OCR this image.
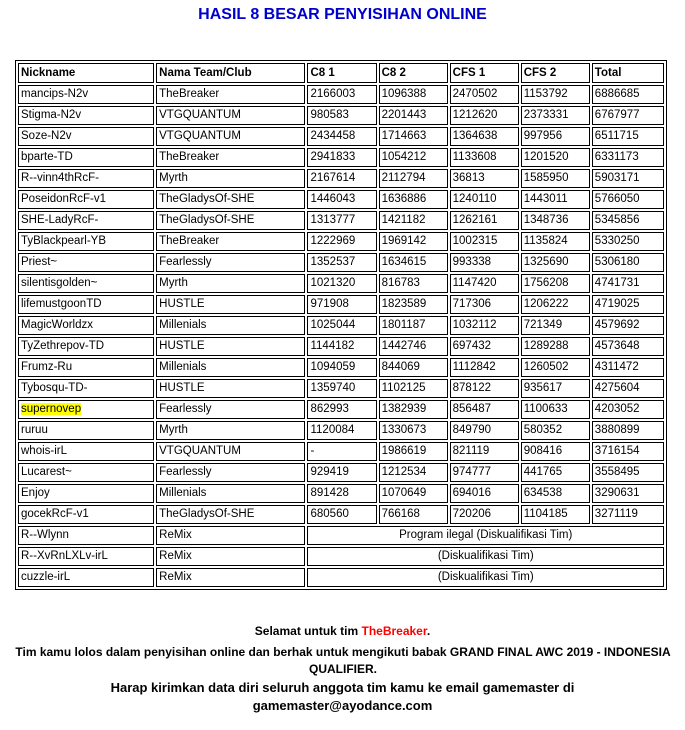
HASIL 8 BESAR PENYISIHAN ONLINE
Nickname	Nama Team/Club	C8 1	C8 2	CFS 1	CFS 2	Total
mancips-N2v	TheBreaker	2166003	1096388	2470502	1153792	6886685
Stigma-N2v	VTGQUANTUM	980583	2201443	1212620	2373331	6767977
Soze-N2v	VTGQUANTUM	2434458	1714663	1364638	997956	6511715
bparte-TD	TheBreaker	2941833	1054212	1133608	1201520	6331173
R--vinn4thRcF-	Myrth	2167614	2112794	36813	1585950	5903171
PoseidonRcF-v1	TheGladysOf-SHE	1446043	1636886	1240110	1443011	5766050
SHE-LadyRcF-	TheGladysOf-SHE	1313777	1421182	1262161	1348736	5345856
TyBlackpearl-YB	TheBreaker	1222969	1969142	1002315	1135824	5330250
Priest~	Fearlessly	1352537	1634615	993338	1325690	5306180
silentisgolden~	Myrth	1021320	816783	1147420	1756208	4741731
lifemustgoonTD	HUSTLE	971908	1823589	717306	1206222	4719025
MagicWorldzx	Millenials	1025044	1801187	1032112	721349	4579692
TyZethrepov-TD	HUSTLE	1144182	1442746	697432	1289288	4573648
Frumz-Ru	Millenials	1094059	844069	1112842	1260502	4311472
Tybosqu-TD-	HUSTLE	1359740	1102125	878122	935617	4275604
supernovep	Fearlessly	862993	1382939	856487	1100633	4203052
ruruu	Myrth	1120084	1330673	849790	580352	3880899
whois-irL	VTGQUANTUM	-	1986619	821119	908416	3716154
Lucarest~	Fearlessly	929419	1212534	974777	441765	3558495
Enjoy	Millenials	891428	1070649	694016	634538	3290631
gocekRcF-v1	TheGladysOf-SHE	680560	766168	720206	1104185	3271119
R--Wlynn	ReMix	Program ilegal (Diskualifikasi Tim)				
R--XvRnLXLv-irL	ReMix	(Diskualifikasi Tim)				
cuzzle-irL	ReMix	(Diskualifikasi Tim)				
Selamat untuk tim TheBreaker.
Tim kamu lolos dalam penyisihan online dan berhak untuk mengikuti babak GRAND FINAL AWC 2019 - INDONESIA QUALIFIER.
Harap kirimkan data diri seluruh anggota tim kamu ke email gamemaster di
gamemaster@ayodance.com
